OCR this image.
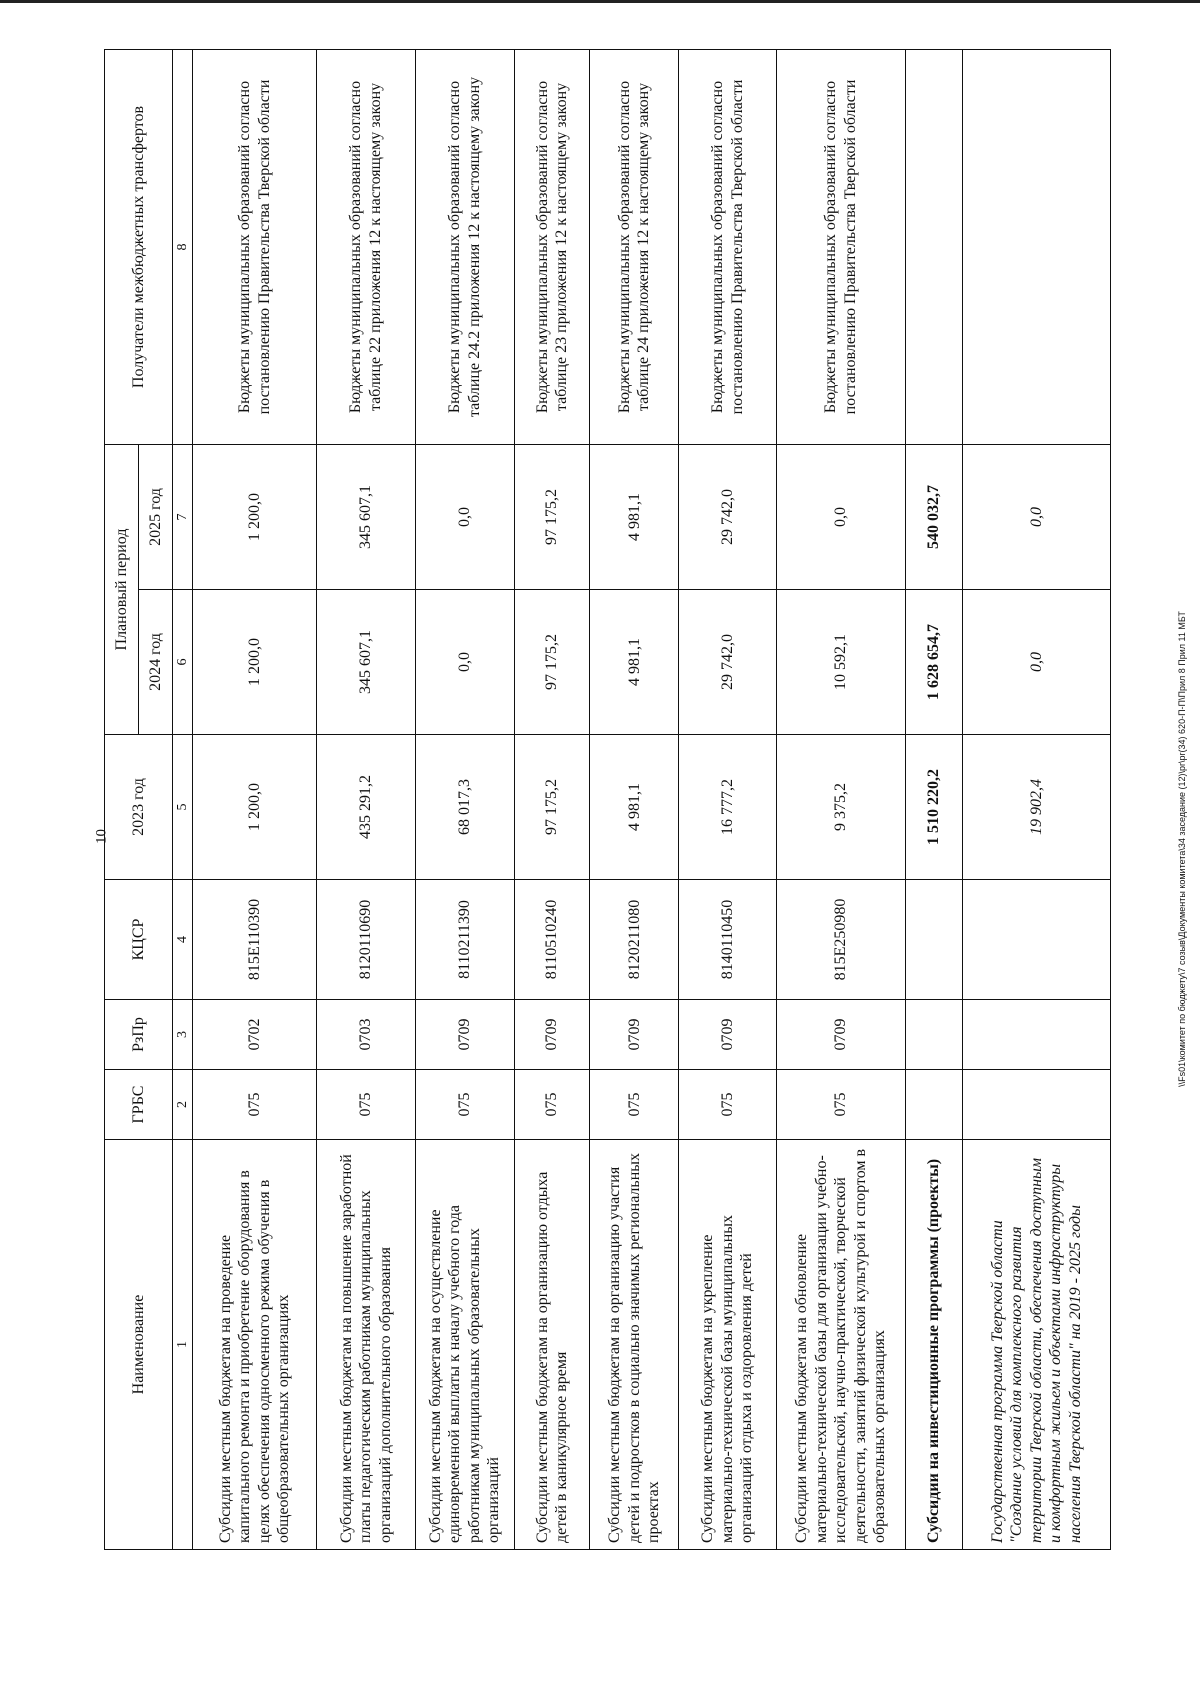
10
Наименование	ГРБС	РзПр	КЦСР	2023 год	Плановый период		Получатели межбюджетных трансфертов
					2024 год	2025 год	
1	2	3	4	5	6	7	8
Субсидии местным бюджетам на проведение капитального ремонта и приобретение оборудования в целях обеспечения односменного режима обучения в общеобразовательных организациях	075	0702	815E110390	1 200,0	1 200,0	1 200,0	Бюджеты муниципальных образований согласно постановлению Правительства Тверской области
Субсидии местным бюджетам на повышение заработной платы педагогическим работникам муниципальных организаций дополнительного образования	075	0703	8120110690	435 291,2	345 607,1	345 607,1	Бюджеты муниципальных образований согласно таблице 22 приложения 12 к настоящему закону
Субсидии местным бюджетам на осуществление единовременной выплаты к началу учебного года работникам муниципальных образовательных организаций	075	0709	8110211390	68 017,3	0,0	0,0	Бюджеты муниципальных образований согласно таблице 24.2 приложения 12 к настоящему закону
Субсидии местным бюджетам на организацию отдыха детей в каникулярное время	075	0709	8110510240	97 175,2	97 175,2	97 175,2	Бюджеты муниципальных образований согласно таблице 23 приложения 12 к настоящему закону
Субсидии местным бюджетам на организацию участия детей и подростков в социально значимых региональных проектах	075	0709	8120211080	4 981,1	4 981,1	4 981,1	Бюджеты муниципальных образований согласно таблице 24 приложения 12 к настоящему закону
Субсидии местным бюджетам на укрепление материально-технической базы муниципальных организаций отдыха и оздоровления детей	075	0709	8140110450	16 777,2	29 742,0	29 742,0	Бюджеты муниципальных образований согласно постановлению Правительства Тверской области
Субсидии местным бюджетам на обновление материально-технической базы для организации учебно-исследовательской, научно-практической, творческой деятельности, занятий физической культурой и спортом в образовательных организациях	075	0709	815E250980	9 375,2	10 592,1	0,0	Бюджеты муниципальных образований согласно постановлению Правительства Тверской области
Субсидии на инвестиционные программы (проекты)				1 510 220,2	1 628 654,7	540 032,7	
Государственная программа Тверской области "Создание условий для комплексного развития территории Тверской области, обеспечения доступным и комфортным жильем и объектами инфраструктуры населения Тверской области" на 2019 - 2025 годы				19 902,4	0,0	0,0	
\\Fs01\комитет по бюджету\7 созыв\Документы комитета\34 заседание (12)\pr\pr(34) 620-П-П\Прил 8 Прил 11 МБТ
